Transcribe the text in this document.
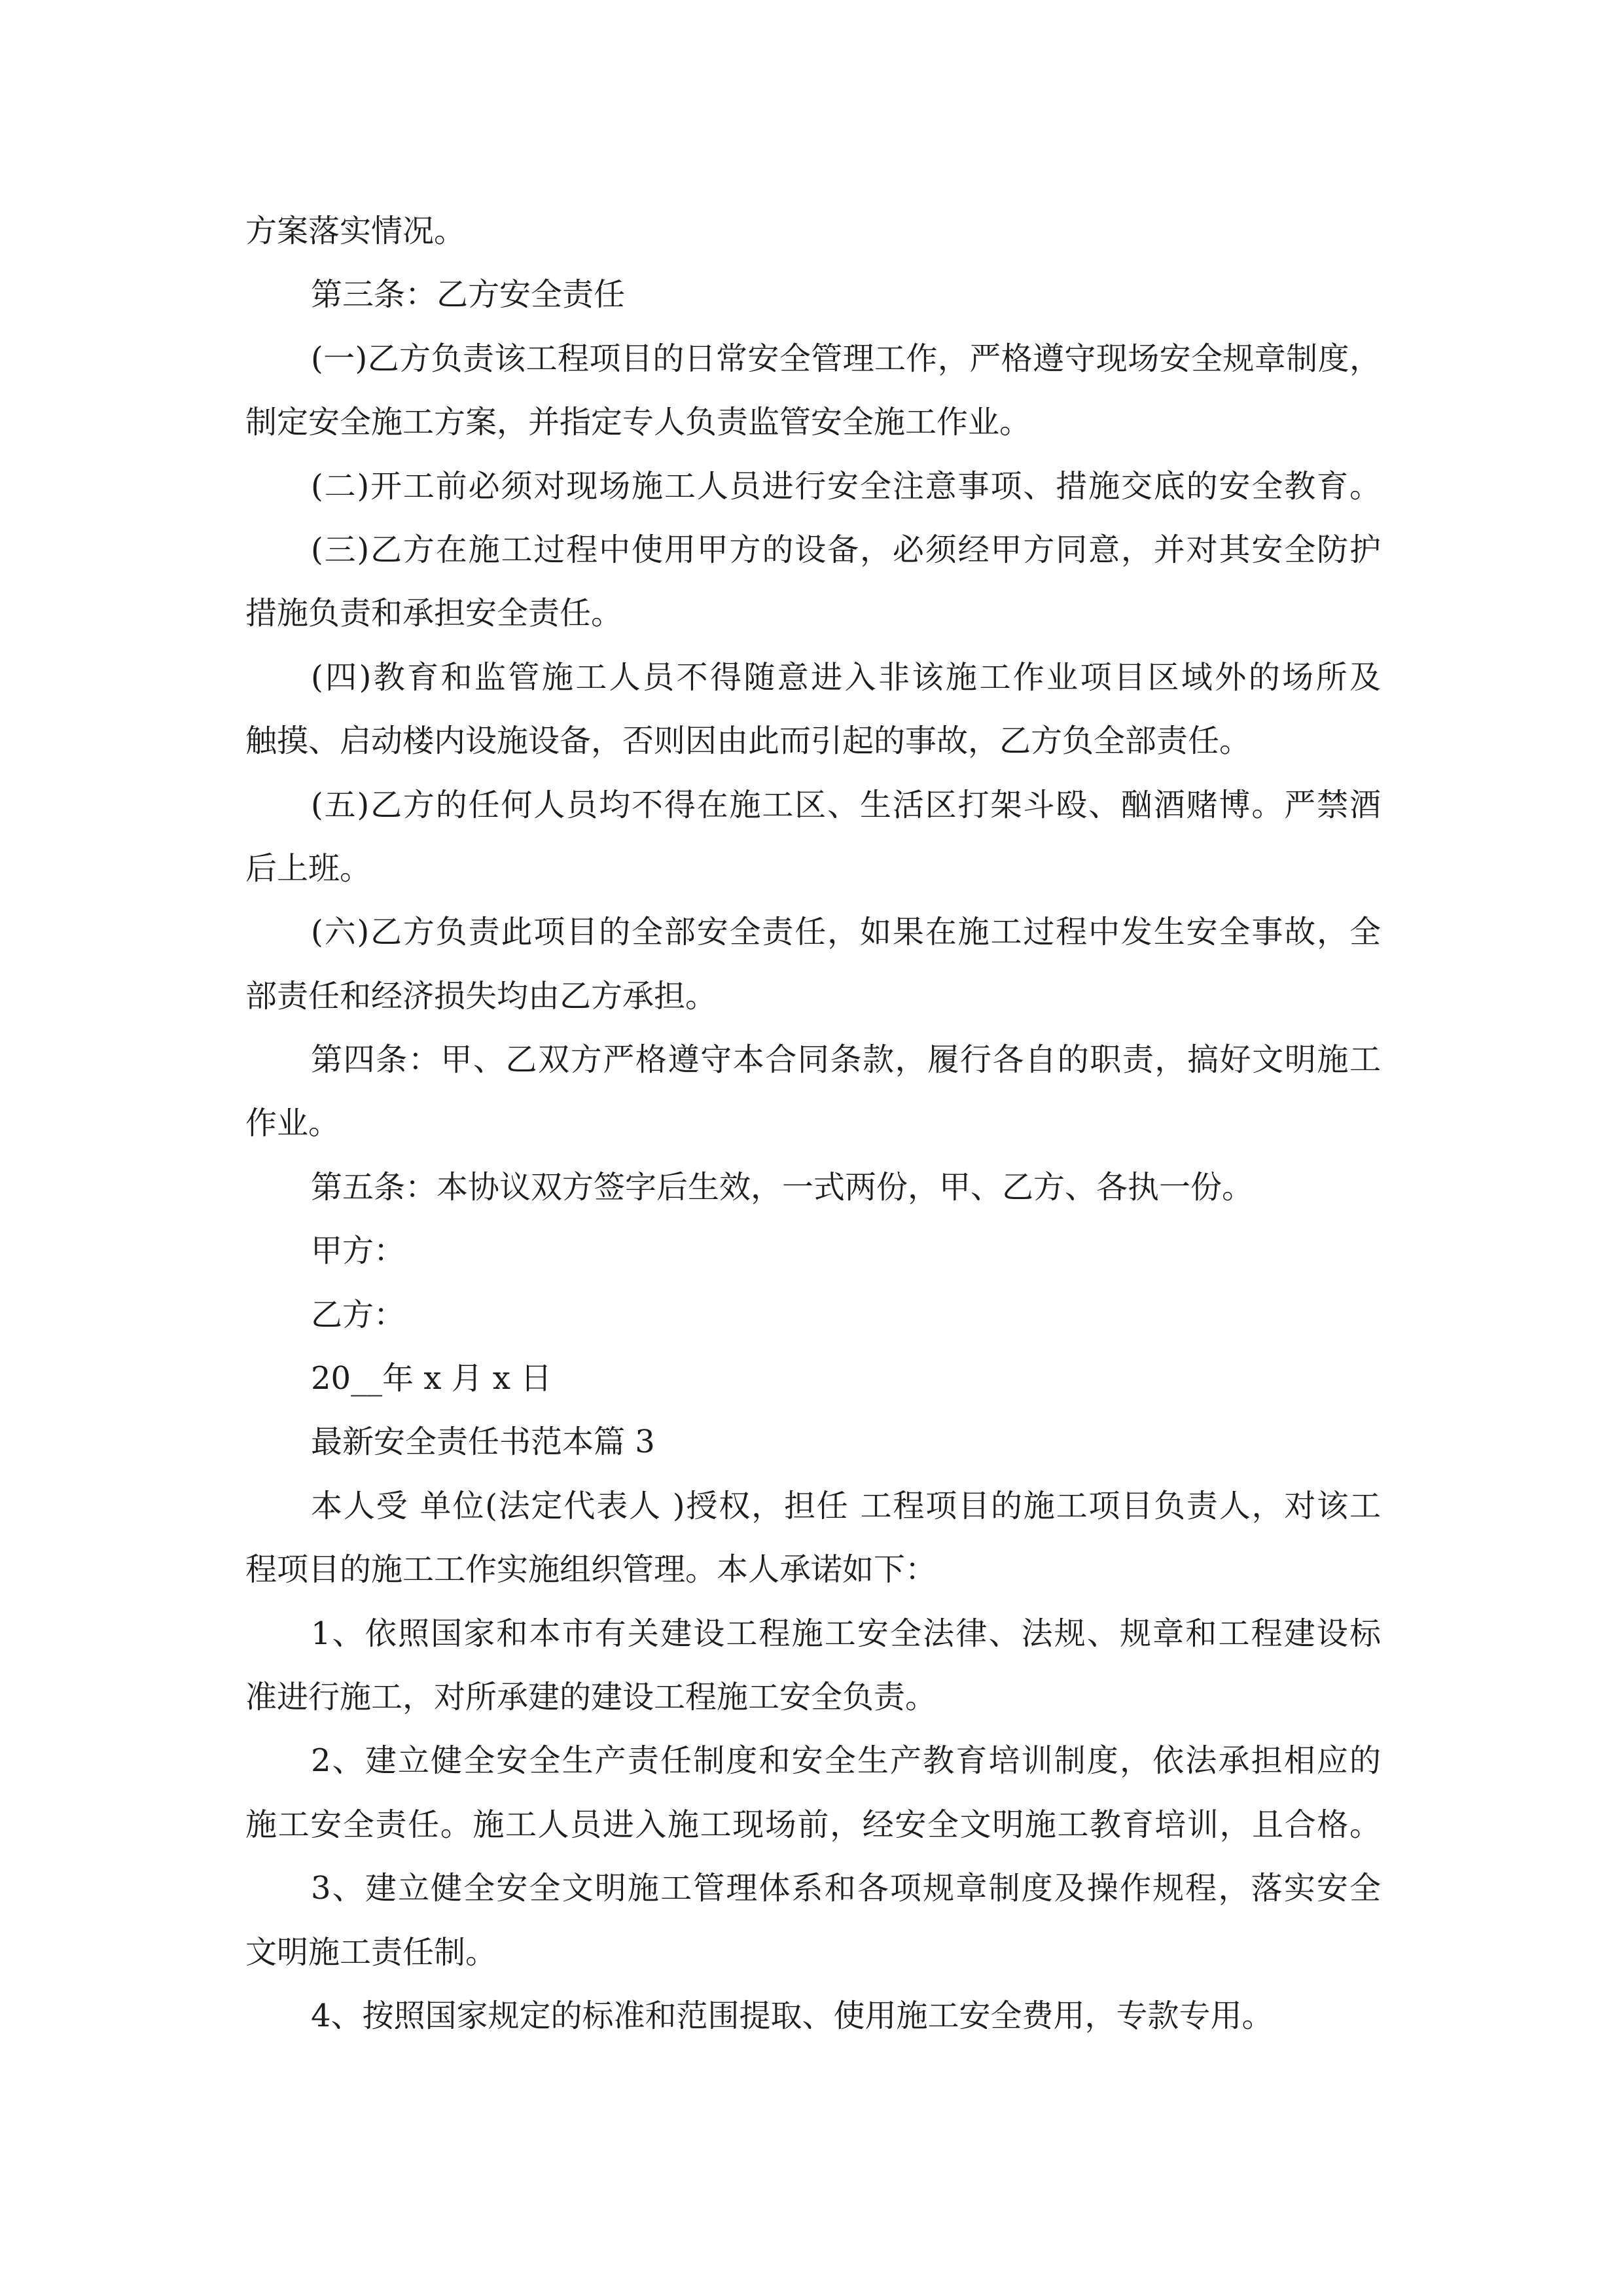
方案落实情况。
第三条：乙方安全责任
(一)乙方负责该工程项目的日常安全管理工作，严格遵守现场安全规章制度，
制定安全施工方案，并指定专人负责监管安全施工作业。
(二)开工前必须对现场施工人员进行安全注意事项、措施交底的安全教育。
(三)乙方在施工过程中使用甲方的设备，必须经甲方同意，并对其安全防护
措施负责和承担安全责任。
(四)教育和监管施工人员不得随意进入非该施工作业项目区域外的场所及
触摸、启动楼内设施设备，否则因由此而引起的事故，乙方负全部责任。
(五)乙方的任何人员均不得在施工区、生活区打架斗殴、酗酒赌博。严禁酒
后上班。
(六)乙方负责此项目的全部安全责任，如果在施工过程中发生安全事故，全
部责任和经济损失均由乙方承担。
第四条：甲、乙双方严格遵守本合同条款，履行各自的职责，搞好文明施工
作业。
第五条：本协议双方签字后生效，一式两份，甲、乙方、各执一份。
甲方：
乙方：
20__年 x 月 x 日
最新安全责任书范本篇 3
本人受 单位(法定代表人 )授权，担任 工程项目的施工项目负责人，对该工
程项目的施工工作实施组织管理。本人承诺如下：
1、依照国家和本市有关建设工程施工安全法律、法规、规章和工程建设标
准进行施工，对所承建的建设工程施工安全负责。
2、建立健全安全生产责任制度和安全生产教育培训制度，依法承担相应的
施工安全责任。施工人员进入施工现场前，经安全文明施工教育培训，且合格。
3、建立健全安全文明施工管理体系和各项规章制度及操作规程，落实安全
文明施工责任制。
4、按照国家规定的标准和范围提取、使用施工安全费用，专款专用。
